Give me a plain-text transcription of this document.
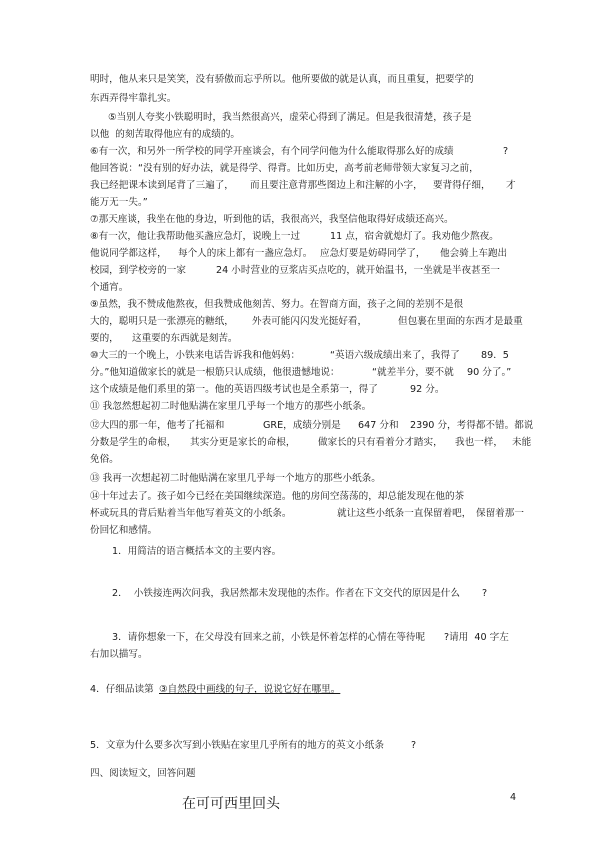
明时，他从来只是笑笑，没有骄傲而忘乎所以。他所要做的就是认真，而且重复，把要学的
东西弄得牢靠扎实。
⑤当别人夸奖小铁聪明时，我当然很高兴，虚荣心得到了满足。但是我很清楚，孩子是
以他  的刻苦取得他应有的成绩的。
⑥有一次，和另外一所学校的同学开座谈会，有个同学问他为什么能取得那么好的成绩	?
他回答说：“没有别的好办法，就是得学、得背。比如历史，高考前老师带领大家复习之前，
我已经把课本读到尾背了三遍了， 而且要注意背那些图边上和注解的小字， 要背得仔细， 才
能万无一失。”
⑦那天座谈，我坐在他的身边，听到他的话，我很高兴，我坚信他取得好成绩还高兴。
⑧有一次，他让我帮助他买盏应急灯，说晚上一过	11 点，宿舍就熄灯了。我劝他少熬夜。
他说同学都这样， 每个人的床上都有一盏应急灯。 应急灯要是妨碍同学了， 他会骑上车跑出
校园，到学校旁的一家	24 小时营业的豆浆店买点吃的，就开始温书，一坐就是半夜甚至一
个通宵。
⑨虽然，我不赞成他熬夜，但我赞成他刻苦、努力。在智商方面，孩子之间的差别不是很
大的，聪明只是一张漂亮的糖纸， 外表可能闪闪发光挺好看，	但包裹在里面的东西才是最重
要的， 这重要的东西就是刻苦。
⑩大三的一个晚上，小铁来电话告诉我和他妈妈：	“英语六级成绩出来了，我得了 89．5
分。”他知道做家长的就是一根筋只认成绩，他很遗憾地说：	“就差半分，要不就 90 分了。”
这个成绩是他们系里的第一。他的英语四级考试也是全系第一，得了	92 分。
⑪ 我忽然想起初二时他贴满在家里几乎每一个地方的那些小纸条。
⑫大四的那一年，他考了托福和	GRE，成绩分别是 647 分和 2390 分，考得都不错。都说
分数是学生的命根， 其实分更是家长的命根， 做家长的只有看着分才踏实， 我也一样， 未能
免俗。
⑬ 我再一次想起初二时他贴满在家里几乎每一个地方的那些小纸条。
⑭十年过去了。孩子如今已经在美国继续深造。他的房间空荡荡的，却总能发现在他的茶
杯或玩具的背后贴着当年他写着英文的小纸条。	就让这些小纸条一直保留着吧， 保留着那一
份回忆和感情。
1．用简洁的语言概括本文的主要内容。
2．  小铁接连两次问我，我居然都未发现他的杰作。作者在下文交代的原因是什么 ?
3．请你想象一下，在父母没有回来之前，小铁是怀着怎样的心情在等待呢 ?请用  40 字左
右加以描写。
4．仔细品读第 ③自然段中画线的句子，说说它好在哪里。
5．文章为什么要多次写到小铁贴在家里几乎所有的地方的英文小纸条	?
四、阅读短文，回答问题
在可可西里回头	4
